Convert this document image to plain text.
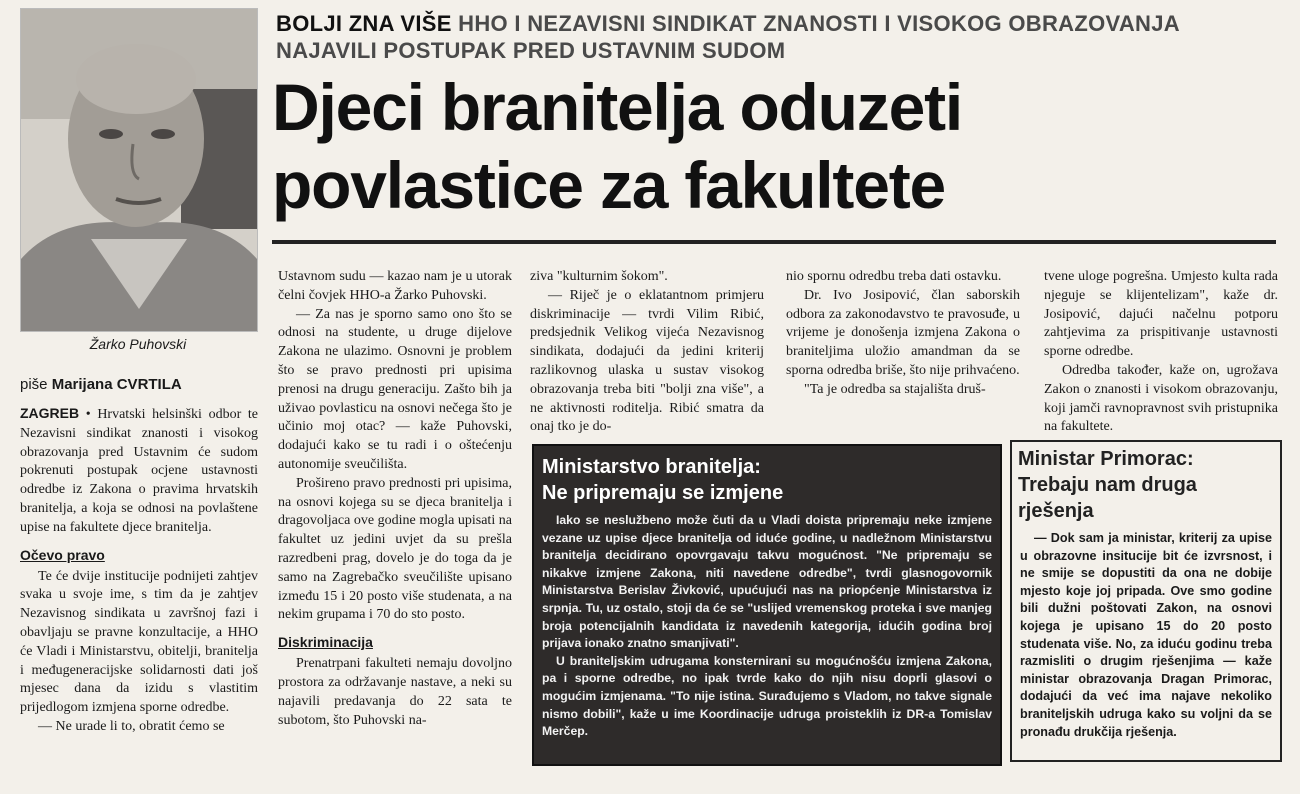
Žarko Puhovski
piše Marijana CVRTILA
BOLJI ZNA VIŠE HHO I NEZAVISNI SINDIKAT ZNANOSTI I VISOKOG OBRAZOVANJA NAJAVILI POSTUPAK PRED USTAVNIM SUDOM
Djeci branitelja oduzeti
povlastice za fakultete

ZAGREB • Hrvatski helsinški odbor te Nezavisni sindikat znanosti i visokog obrazovanja pred Ustavnim će sudom pokrenuti postupak ocjene ustavnosti odredbe iz Zakona o pravima hrvatskih branitelja, a koja se odnosi na povlaštene upise na fakultete djece branitelja.

Očevo pravo

Te će dvije institucije podnijeti zahtjev svaka u svoje ime, s tim da je zahtjev Nezavisnog sindikata u završnoj fazi i obavljaju se pravne konzultacije, a HHO će Vladi i Ministarstvu, obitelji, branitelja i međugeneracijske solidarnosti dati još mjesec dana da izidu s vlastitim prijedlogom izmjena sporne odredbe.

— Ne urade li to, obratit ćemo se

Ustavnom sudu — kazao nam je u utorak čelni čovjek HHO-a Žarko Puhovski.

— Za nas je sporno samo ono što se odnosi na studente, u druge dijelove Zakona ne ulazimo. Osnovni je problem što se pravo prednosti pri upisima prenosi na drugu generaciju. Zašto bih ja uživao povlasticu na osnovi nečega što je učinio moj otac? — kaže Puhovski, dodajući kako se tu radi i o oštećenju autonomije sveučilišta.

Prošireno pravo prednosti pri upisima, na osnovi kojega su se djeca branitelja i dragovoljaca ove godine mogla upisati na fakultet uz jedini uvjet da su prešla razredbeni prag, dovelo je do toga da je samo na Zagrebačko sveučilište upisano između 15 i 20 posto više studenata, a na nekim grupama i 70 do sto posto.

Diskriminacija

Prenatrpani fakulteti nemaju dovoljno prostora za održavanje nastave, a neki su najavili predavanja do 22 sata te subotom, što Puhovski na-

ziva "kulturnim šokom".

— Riječ je o eklatantnom primjeru diskriminacije — tvrdi Vilim Ribić, predsjednik Velikog vijeća Nezavisnog sindikata, dodajući da jedini kriterij razlikovnog ulaska u sustav visokog obrazovanja treba biti "bolji zna više", a ne aktivnosti roditelja. Ribić smatra da onaj tko je do-

nio spornu odredbu treba dati ostavku.

Dr. Ivo Josipović, član saborskih odbora za zakonodavstvo te pravosuđe, u vrijeme je donošenja izmjena Zakona o braniteljima uložio amandman da se sporna odredba briše, što nije prihvaćeno.

"Ta je odredba sa stajališta druš-

tvene uloge pogrešna. Umjesto kulta rada njeguje se klijentelizam", kaže dr. Josipović, dajući načelnu potporu zahtjevima za prispitivanje ustavnosti sporne odredbe.

Odredba također, kaže on, ugrožava Zakon o znanosti i visokom obrazovanju, koji jamči ravnopravnost svih pristupnika na fakultete.

Ministarstvo branitelja:
Ne pripremaju se izmjene

Iako se neslužbeno može čuti da u Vladi doista pripremaju neke izmjene vezane uz upise djece branitelja od iduće godine, u nadležnom Ministarstvu branitelja decidirano opovrgavaju takvu mogućnost. "Ne pripremaju se nikakve izmjene Zakona, niti navedene odredbe", tvrdi glasnogovornik Ministarstva Berislav Živković, upućujući nas na priopćenje Ministarstva iz srpnja. Tu, uz ostalo, stoji da će se "uslijed vremenskog proteka i sve manjeg broja potencijalnih kandidata iz navedenih kategorija, idućih godina broj prijava ionako znatno smanjivati".

U braniteljskim udrugama konsternirani su mogućnošću izmjena Zakona, pa i sporne odredbe, no ipak tvrde kako do njih nisu doprli glasovi o mogućim izmjenama. "To nije istina. Surađujemo s Vladom, no takve signale nismo dobili", kaže u ime Koordinacije udruga proisteklih iz DR-a Tomislav Merčep.

Ministar Primorac:
Trebaju nam druga
rješenja

— Dok sam ja ministar, kriterij za upise u obrazovne insitucije bit će izvrsnost, i ne smije se dopustiti da ona ne dobije mjesto koje joj pripada. Ove smo godine bili dužni poštovati Zakon, na osnovi kojega je upisano 15 do 20 posto studenata više. No, za iduću godinu treba razmisliti o drugim rješenjima — kaže ministar obrazovanja Dragan Primorac, dodajući da već ima najave nekoliko braniteljskih udruga kako su voljni da se pronađu drukčija rješenja.
